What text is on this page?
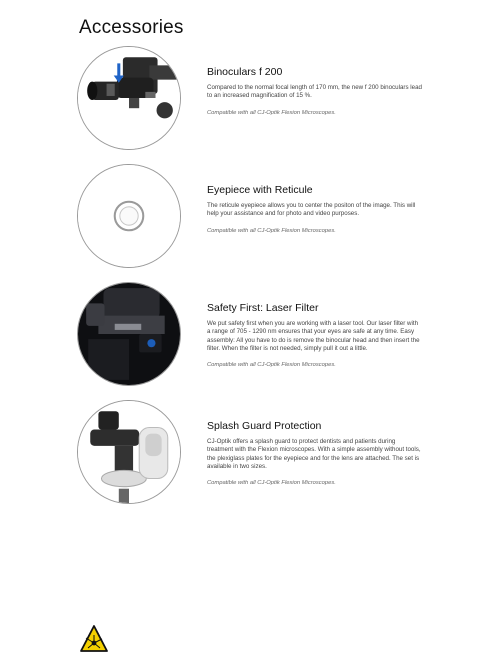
Accessories
Binoculars f 200

Compared to the normal focal length of 170 mm, the new f 200 binoculars lead to an increased magnification of 15 %.

Compatible with all CJ-Optik Flexion Microscopes.

Eyepiece with Reticule

The reticule eyepiece allows you to center the positon of the image. This will help your assistance and for photo and video purposes.

Compatible with all CJ-Optik Flexion Microscopes.

Safety First: Laser Filter

We put safety first when you are working with a laser tool. Our laser filter with a range of 705 - 1290 nm ensures that your eyes are safe at any time. Easy assembly: All you have to do is remove the binocular head and then insert the filter. When the filter is not needed, simply pull it out a little.

Compatible with all CJ-Optik Flexion Microscopes.

Splash Guard Protection

CJ-Optik offers a splash guard to protect dentists and patients during treatment with the Flexion microscopes. With a simple assembly without tools, the plexiglass plates for the eyepiece and for the lens are attached. The set is available in two sizes.

Compatible with all CJ-Optik Flexion Microscopes.
